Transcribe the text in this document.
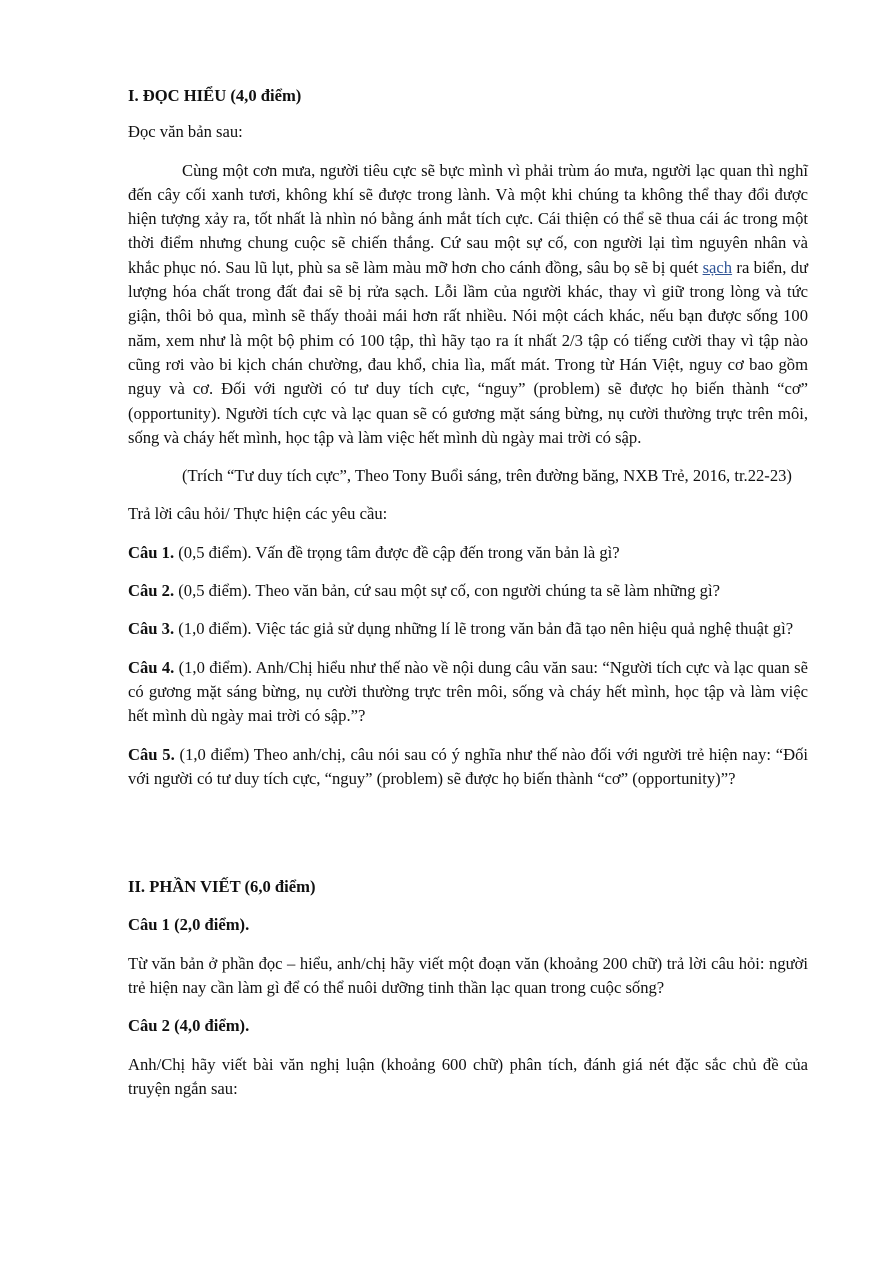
I. ĐỌC HIỂU (4,0 điểm)

Đọc văn bản sau:

Cùng một cơn mưa, người tiêu cực sẽ bực mình vì phải trùm áo mưa, người lạc quan thì nghĩ đến cây cối xanh tươi, không khí sẽ được trong lành. Và một khi chúng ta không thể thay đổi được hiện tượng xảy ra, tốt nhất là nhìn nó bằng ánh mắt tích cực. Cái thiện có thể sẽ thua cái ác trong một thời điểm nhưng chung cuộc sẽ chiến thắng. Cứ sau một sự cố, con người lại tìm nguyên nhân và khắc phục nó. Sau lũ lụt, phù sa sẽ làm màu mỡ hơn cho cánh đồng, sâu bọ sẽ bị quét sạch ra biển, dư lượng hóa chất trong đất đai sẽ bị rửa sạch. Lỗi lầm của người khác, thay vì giữ trong lòng và tức giận, thôi bỏ qua, mình sẽ thấy thoải mái hơn rất nhiều. Nói một cách khác, nếu bạn được sống 100 năm, xem như là một bộ phim có 100 tập, thì hãy tạo ra ít nhất 2/3 tập có tiếng cười thay vì tập nào cũng rơi vào bi kịch chán chường, đau khổ, chia lìa, mất mát. Trong từ Hán Việt, nguy cơ bao gồm nguy và cơ. Đối với người có tư duy tích cực, “nguy” (problem) sẽ được họ biến thành “cơ” (opportunity). Người tích cực và lạc quan sẽ có gương mặt sáng bừng, nụ cười thường trực trên môi, sống và cháy hết mình, học tập và làm việc hết mình dù ngày mai trời có sập.

(Trích “Tư duy tích cực”, Theo Tony Buổi sáng, trên đường băng, NXB Trẻ, 2016, tr.22-23)

Trả lời câu hỏi/ Thực hiện các yêu cầu:

Câu 1. (0,5 điểm). Vấn đề trọng tâm được đề cập đến trong văn bản là gì?

Câu 2. (0,5 điểm). Theo văn bản, cứ sau một sự cố, con người chúng ta sẽ làm những gì?

Câu 3. (1,0 điểm). Việc tác giả sử dụng những lí lẽ trong văn bản đã tạo nên hiệu quả nghệ thuật gì?

Câu 4. (1,0 điểm). Anh/Chị hiểu như thế nào về nội dung câu văn sau: “Người tích cực và lạc quan sẽ có gương mặt sáng bừng, nụ cười thường trực trên môi, sống và cháy hết mình, học tập và làm việc hết mình dù ngày mai trời có sập.”?

Câu 5. (1,0 điểm) Theo anh/chị, câu nói sau có ý nghĩa như thế nào đối với người trẻ hiện nay: “Đối với người có tư duy tích cực, “nguy” (problem) sẽ được họ biến thành “cơ” (opportunity)”?

II. PHẦN VIẾT (6,0 điểm)

Câu 1 (2,0 điểm).

Từ văn bản ở phần đọc – hiểu, anh/chị hãy viết một đoạn văn (khoảng 200 chữ) trả lời câu hỏi: người trẻ hiện nay cần làm gì để có thể nuôi dưỡng tinh thần lạc quan trong cuộc sống?

Câu 2 (4,0 điểm).

Anh/Chị hãy viết bài văn nghị luận (khoảng 600 chữ) phân tích, đánh giá nét đặc sắc chủ đề của truyện ngắn sau:
